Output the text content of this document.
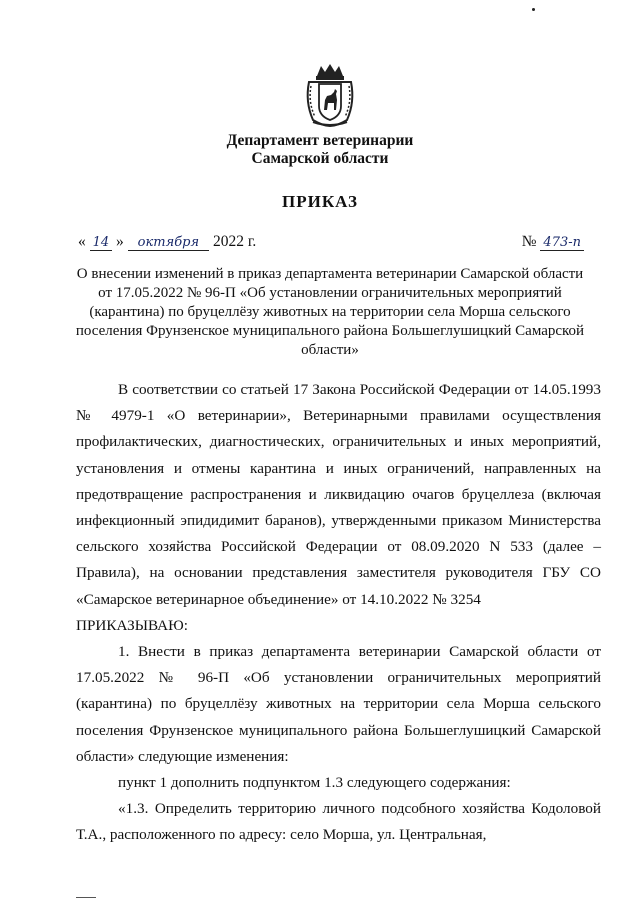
Департамент ветеринарии
Самарской области
ПРИКАЗ
« 14 » октября 2022 г.	№ 473-п
О внесении изменений в приказ департамента ветеринарии Самарской области от 17.05.2022 № 96-П «Об установлении ограничительных мероприятий (карантина) по бруцеллёзу животных на территории села Морша сельского поселения Фрунзенское муниципального района Большеглушицкий Самарской области»

В соответствии со статьей 17 Закона Российской Федерации от 14.05.1993 № 4979-1 «О ветеринарии», Ветеринарными правилами осуществления профилактических, диагностических, ограничительных и иных мероприятий, установления и отмены карантина и иных ограничений, направленных на предотвращение распространения и ликвидацию очагов бруцеллеза (включая инфекционный эпидидимит баранов), утвержденными приказом Министерства сельского хозяйства Российской Федерации от 08.09.2020 N 533 (далее – Правила), на основании представления заместителя руководителя ГБУ СО «Самарское ветеринарное объединение» от 14.10.2022 № 3254

ПРИКАЗЫВАЮ:

1. Внести в приказ департамента ветеринарии Самарской области от 17.05.2022 № 96-П «Об установлении ограничительных мероприятий (карантина) по бруцеллёзу животных на территории села Морша сельского поселения Фрунзенское муниципального района Большеглушицкий Самарской области» следующие изменения:

пункт 1 дополнить подпунктом 1.3 следующего содержания:

«1.3. Определить территорию личного подсобного хозяйства Кодоловой Т.А., расположенного по адресу: село Морша, ул. Центральная,
